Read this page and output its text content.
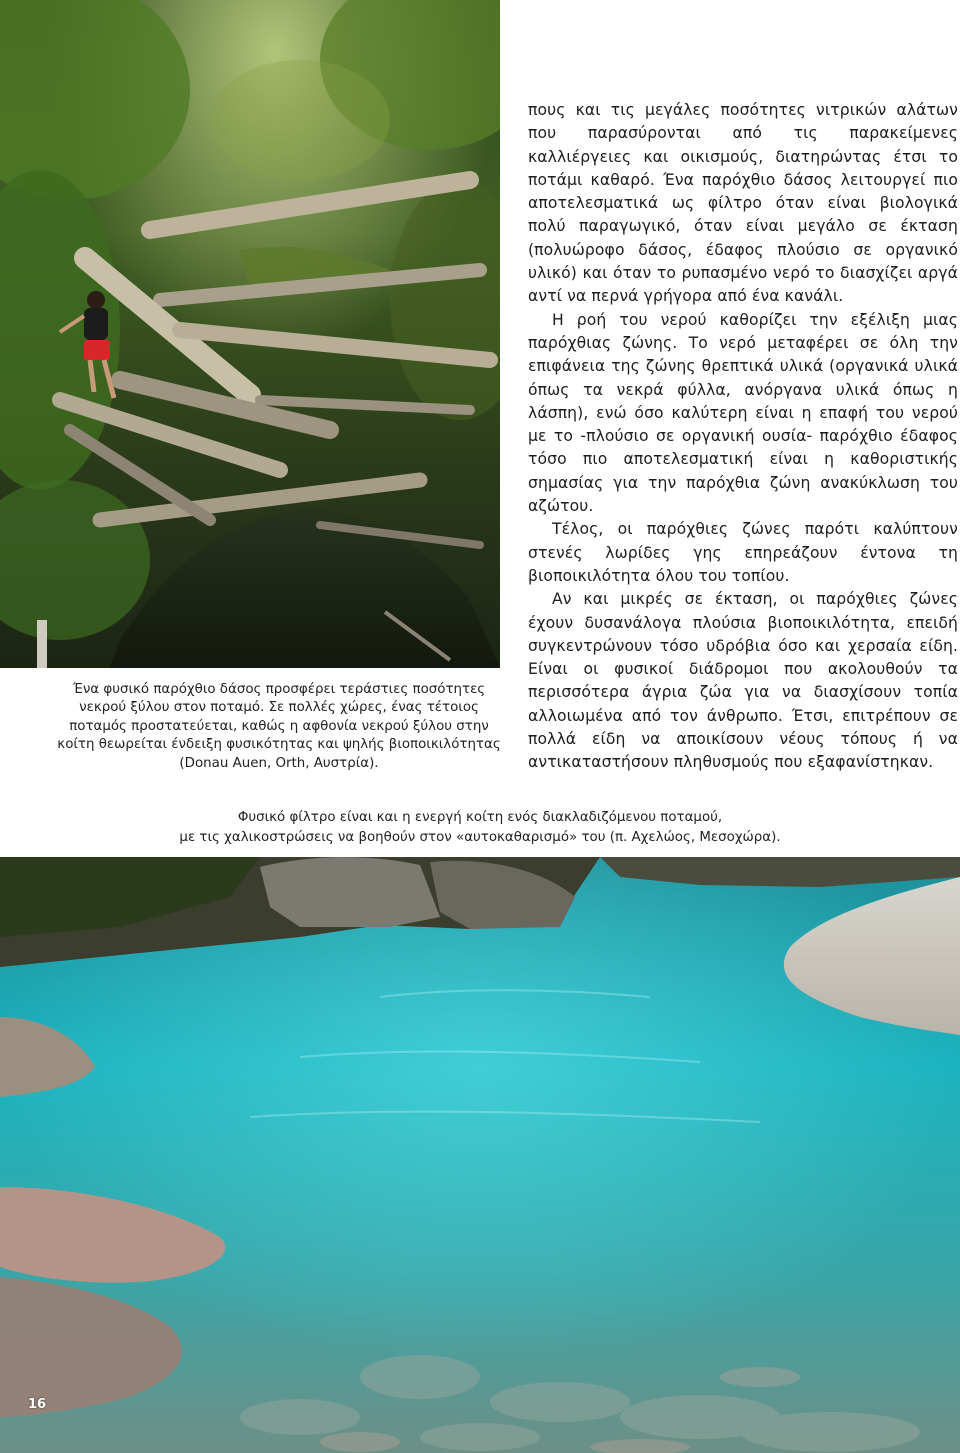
Ένα φυσικό παρόχθιο δάσος προσφέρει τεράστιες ποσότητες νεκρού ξύλου στον ποταμό. Σε πολλές χώρες, ένας τέτοιος ποταμός προστατεύεται, καθώς η αφθονία νεκρού ξύλου στην κοίτη θεωρείται ένδειξη φυσικότητας και ψηλής βιοποικιλότητας (Donau Auen, Orth, Αυστρία).

πους και τις μεγάλες ποσότητες νιτρικών αλάτων που παρασύρονται από τις παρακείμενες καλλιέργειες και οικισμούς, διατηρώντας έτσι το ποτάμι καθαρό. Ένα παρόχθιο δάσος λειτουργεί πιο αποτελεσματικά ως φίλτρο όταν είναι βιολογικά πολύ παραγωγικό, όταν είναι μεγάλο σε έκταση (πολυώροφο δάσος, έδαφος πλούσιο σε οργανικό υλικό) και όταν το ρυπασμένο νερό το διασχίζει αργά αντί να περνά γρήγορα από ένα κανάλι.

Η ροή του νερού καθορίζει την εξέλιξη μιας παρόχθιας ζώνης. Το νερό μεταφέρει σε όλη την επιφάνεια της ζώνης θρεπτικά υλικά (οργανικά υλικά όπως τα νεκρά φύλλα, ανόργανα υλικά όπως η λάσπη), ενώ όσο καλύτερη είναι η επαφή του νερού με το -πλούσιο σε οργανική ουσία- παρόχθιο έδαφος τόσο πιο αποτελεσματική είναι η καθοριστικής σημασίας για την παρόχθια ζώνη ανακύκλωση του αζώτου.

Τέλος, οι παρόχθιες ζώνες παρότι καλύπτουν στενές λωρίδες γης επηρεάζουν έντονα τη βιοποικιλότητα όλου του τοπίου.

Αν και μικρές σε έκταση, οι παρόχθιες ζώνες έχουν δυσανάλογα πλούσια βιοποικιλότητα, επειδή συγκεντρώνουν τόσο υδρόβια όσο και χερσαία είδη. Είναι οι φυσικοί διάδρομοι που ακολουθούν τα περισσότερα άγρια ζώα για να διασχίσουν τοπία αλλοιωμένα από τον άνθρωπο. Έτσι, επιτρέπουν σε πολλά είδη να αποικίσουν νέους τόπους ή να αντικαταστήσουν πληθυσμούς που εξαφανίστηκαν.

Φυσικό φίλτρο είναι και η ενεργή κοίτη ενός διακλαδιζόμενου ποταμού,
με τις χαλικοστρώσεις να βοηθούν στον «αυτοκαθαρισμό» του (π. Αχελώος, Μεσοχώρα).
16
